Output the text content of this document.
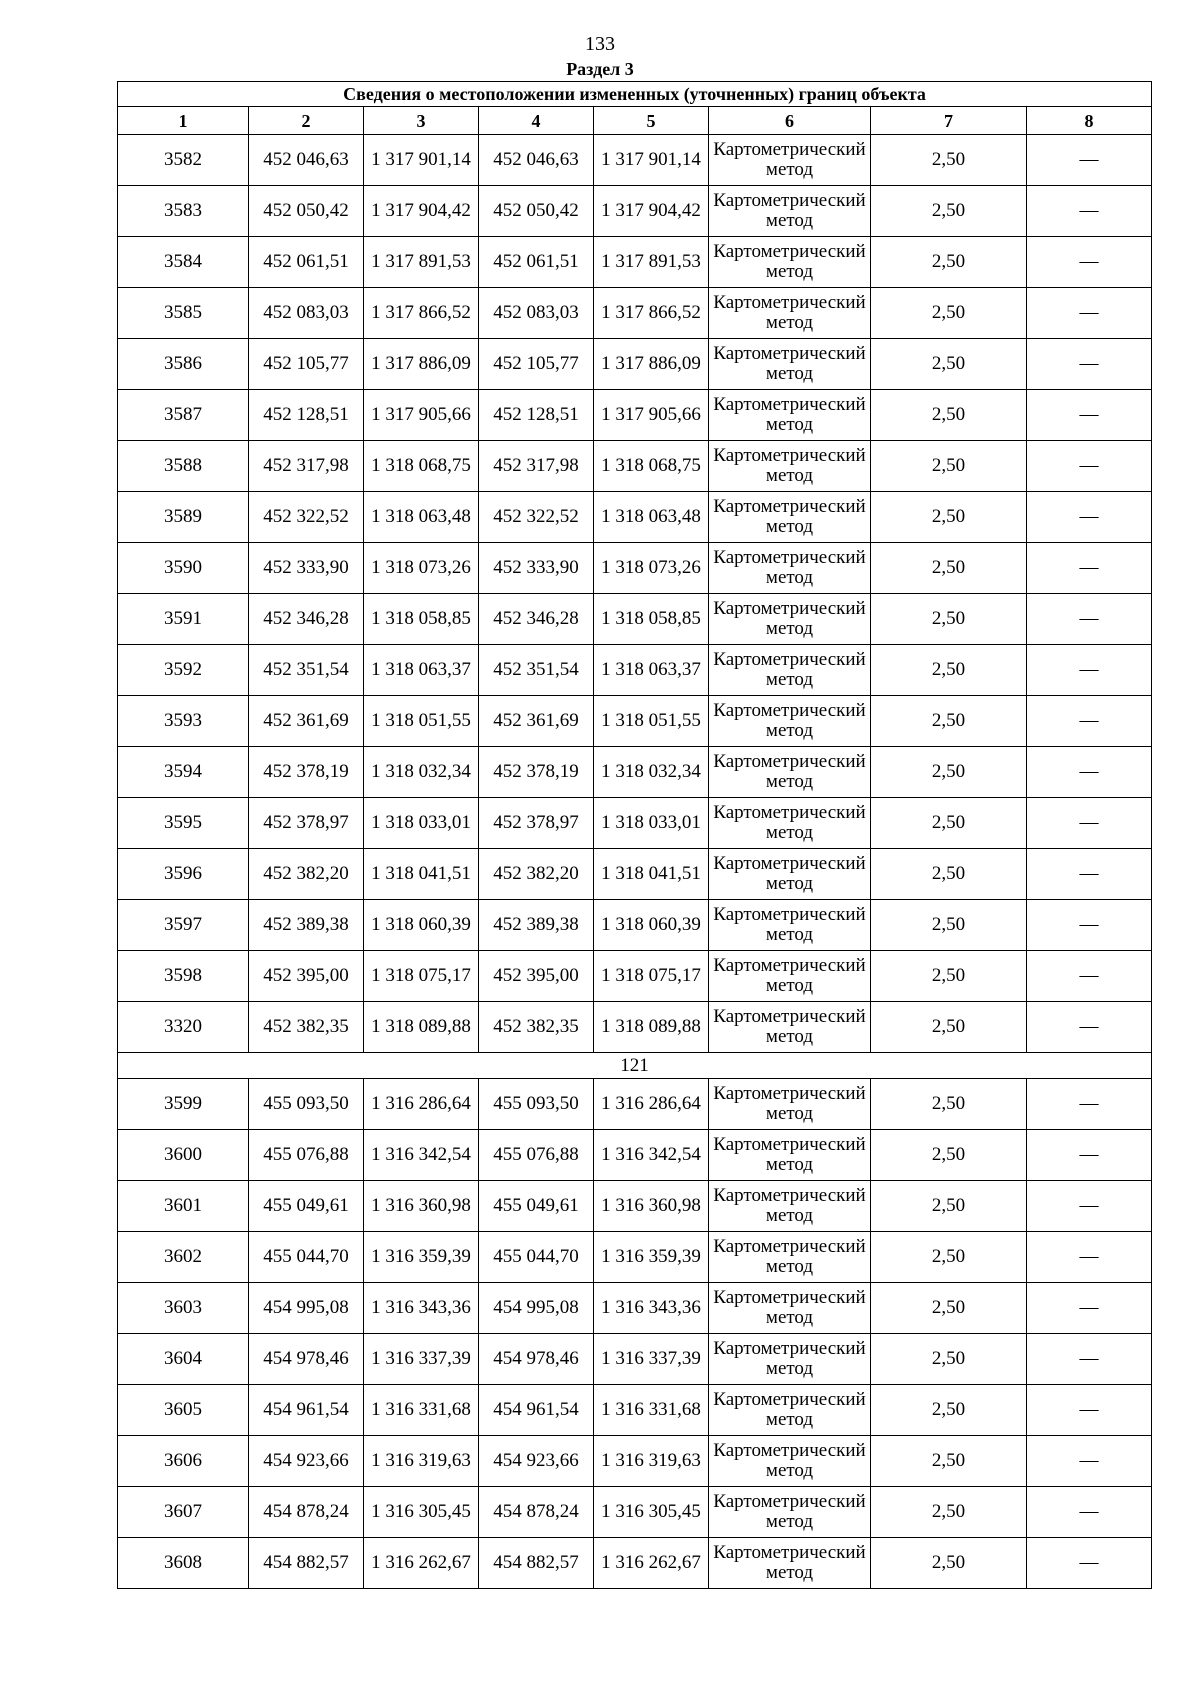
133
Раздел 3
Сведения о местоположении измененных (уточненных) границ объекта							
1	2	3	4	5	6	7	8
3582	452 046,63	1 317 901,14	452 046,63	1 317 901,14	Картометрический метод	2,50	—
3583	452 050,42	1 317 904,42	452 050,42	1 317 904,42	Картометрический метод	2,50	—
3584	452 061,51	1 317 891,53	452 061,51	1 317 891,53	Картометрический метод	2,50	—
3585	452 083,03	1 317 866,52	452 083,03	1 317 866,52	Картометрический метод	2,50	—
3586	452 105,77	1 317 886,09	452 105,77	1 317 886,09	Картометрический метод	2,50	—
3587	452 128,51	1 317 905,66	452 128,51	1 317 905,66	Картометрический метод	2,50	—
3588	452 317,98	1 318 068,75	452 317,98	1 318 068,75	Картометрический метод	2,50	—
3589	452 322,52	1 318 063,48	452 322,52	1 318 063,48	Картометрический метод	2,50	—
3590	452 333,90	1 318 073,26	452 333,90	1 318 073,26	Картометрический метод	2,50	—
3591	452 346,28	1 318 058,85	452 346,28	1 318 058,85	Картометрический метод	2,50	—
3592	452 351,54	1 318 063,37	452 351,54	1 318 063,37	Картометрический метод	2,50	—
3593	452 361,69	1 318 051,55	452 361,69	1 318 051,55	Картометрический метод	2,50	—
3594	452 378,19	1 318 032,34	452 378,19	1 318 032,34	Картометрический метод	2,50	—
3595	452 378,97	1 318 033,01	452 378,97	1 318 033,01	Картометрический метод	2,50	—
3596	452 382,20	1 318 041,51	452 382,20	1 318 041,51	Картометрический метод	2,50	—
3597	452 389,38	1 318 060,39	452 389,38	1 318 060,39	Картометрический метод	2,50	—
3598	452 395,00	1 318 075,17	452 395,00	1 318 075,17	Картометрический метод	2,50	—
3320	452 382,35	1 318 089,88	452 382,35	1 318 089,88	Картометрический метод	2,50	—
121							
3599	455 093,50	1 316 286,64	455 093,50	1 316 286,64	Картометрический метод	2,50	—
3600	455 076,88	1 316 342,54	455 076,88	1 316 342,54	Картометрический метод	2,50	—
3601	455 049,61	1 316 360,98	455 049,61	1 316 360,98	Картометрический метод	2,50	—
3602	455 044,70	1 316 359,39	455 044,70	1 316 359,39	Картометрический метод	2,50	—
3603	454 995,08	1 316 343,36	454 995,08	1 316 343,36	Картометрический метод	2,50	—
3604	454 978,46	1 316 337,39	454 978,46	1 316 337,39	Картометрический метод	2,50	—
3605	454 961,54	1 316 331,68	454 961,54	1 316 331,68	Картометрический метод	2,50	—
3606	454 923,66	1 316 319,63	454 923,66	1 316 319,63	Картометрический метод	2,50	—
3607	454 878,24	1 316 305,45	454 878,24	1 316 305,45	Картометрический метод	2,50	—
3608	454 882,57	1 316 262,67	454 882,57	1 316 262,67	Картометрический метод	2,50	—
